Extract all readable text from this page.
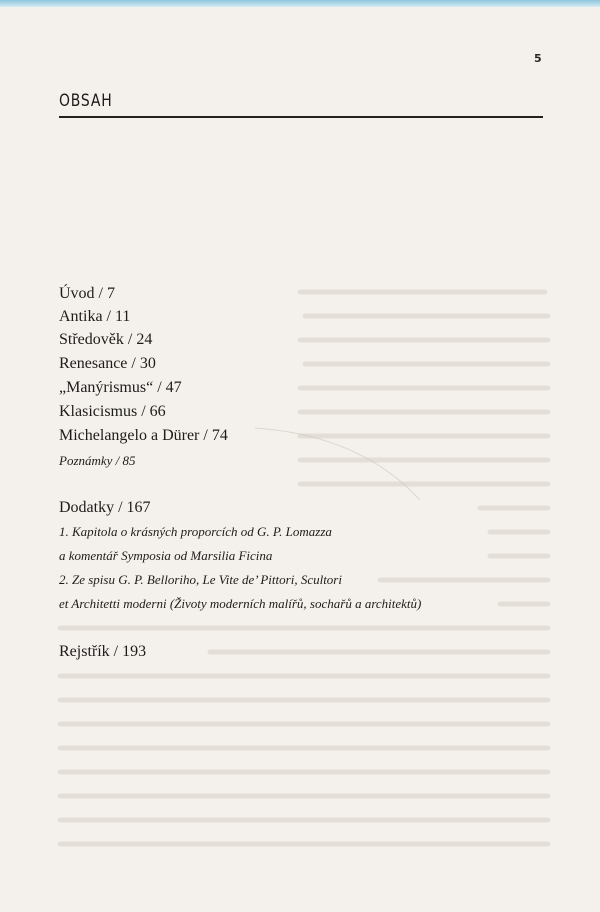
5
OBSAH
Úvod / 7
Antika / 11
Středověk / 24
Renesance / 30
„Manýrismus“ / 47
Klasicismus / 66
Michelangelo a Dürer / 74
Poznámky / 85
Dodatky / 167
1. Kapitola o krásných proporcích od G. P. Lomazza
a komentář Symposia od Marsilia Ficina
2. Ze spisu G. P. Belloriho, Le Vite de’ Pittori, Scultori
et Architetti moderni (Životy moderních malířů, sochařů a architektů)
Rejstřík / 193
